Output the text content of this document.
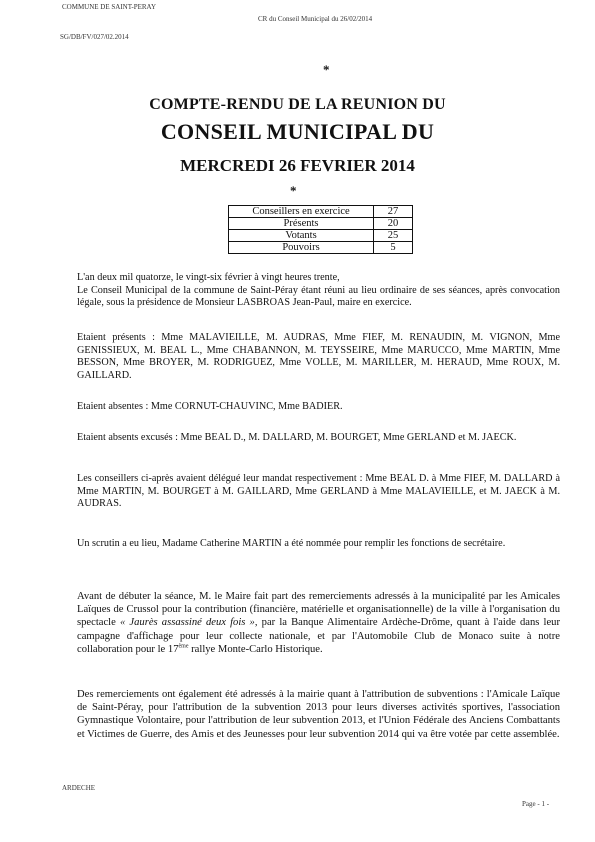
COMMUNE DE SAINT-PERAY
CR du Conseil Municipal du 26/02/2014
SG/DB/FV/027/02.2014
*
COMPTE-RENDU DE LA REUNION DU
CONSEIL MUNICIPAL DU
MERCREDI 26 FEVRIER 2014
*
Conseillers en exercice	27
Présents	20
Votants	25
Pouvoirs	5
L'an deux mil quatorze, le vingt-six février à vingt heures trente,
Le Conseil Municipal de la commune de Saint-Péray étant réuni au lieu ordinaire de ses séances, après convocation légale, sous la présidence de Monsieur LASBROAS Jean-Paul, maire en exercice.
Etaient présents : Mme MALAVIEILLE, M. AUDRAS, Mme FIEF, M. RENAUDIN, M. VIGNON, Mme GENISSIEUX, M. BEAL L., Mme CHABANNON, M. TEYSSEIRE, Mme MARUCCO, Mme MARTIN, Mme BESSON, Mme BROYER, M. RODRIGUEZ, Mme VOLLE, M. MARILLER, M. HERAUD, Mme ROUX, M. GAILLARD.
Etaient absentes : Mme CORNUT-CHAUVINC, Mme BADIER.
Etaient absents excusés : Mme BEAL D., M. DALLARD, M. BOURGET, Mme GERLAND et M. JAECK.
Les conseillers ci-après avaient délégué leur mandat respectivement : Mme BEAL D. à Mme FIEF, M. DALLARD à Mme MARTIN, M. BOURGET à M. GAILLARD, Mme GERLAND à Mme MALAVIEILLE, et M. JAECK à M. AUDRAS.
Un scrutin a eu lieu, Madame Catherine MARTIN a été nommée pour remplir les fonctions de secrétaire.
Avant de débuter la séance, M. le Maire fait part des remerciements adressés à la municipalité par les Amicales Laïques de Crussol pour la contribution (financière, matérielle et organisationnelle) de la ville à l'organisation du spectacle « Jaurès assassiné deux fois », par la Banque Alimentaire Ardèche-Drôme, quant à l'aide dans leur campagne d'affichage pour leur collecte nationale, et par l'Automobile Club de Monaco suite à notre collaboration pour le 17ème rallye Monte-Carlo Historique.
Des remerciements ont également été adressés à la mairie quant à l'attribution de subventions : l'Amicale Laïque de Saint-Péray, pour l'attribution de la subvention 2013 pour leurs diverses activités sportives, l'association Gymnastique Volontaire, pour l'attribution de leur subvention 2013, et l'Union Fédérale des Anciens Combattants et Victimes de Guerre, des Amis et des Jeunesses pour leur subvention 2014 qui va être votée par cette assemblée.
ARDECHE
Page - 1 -
